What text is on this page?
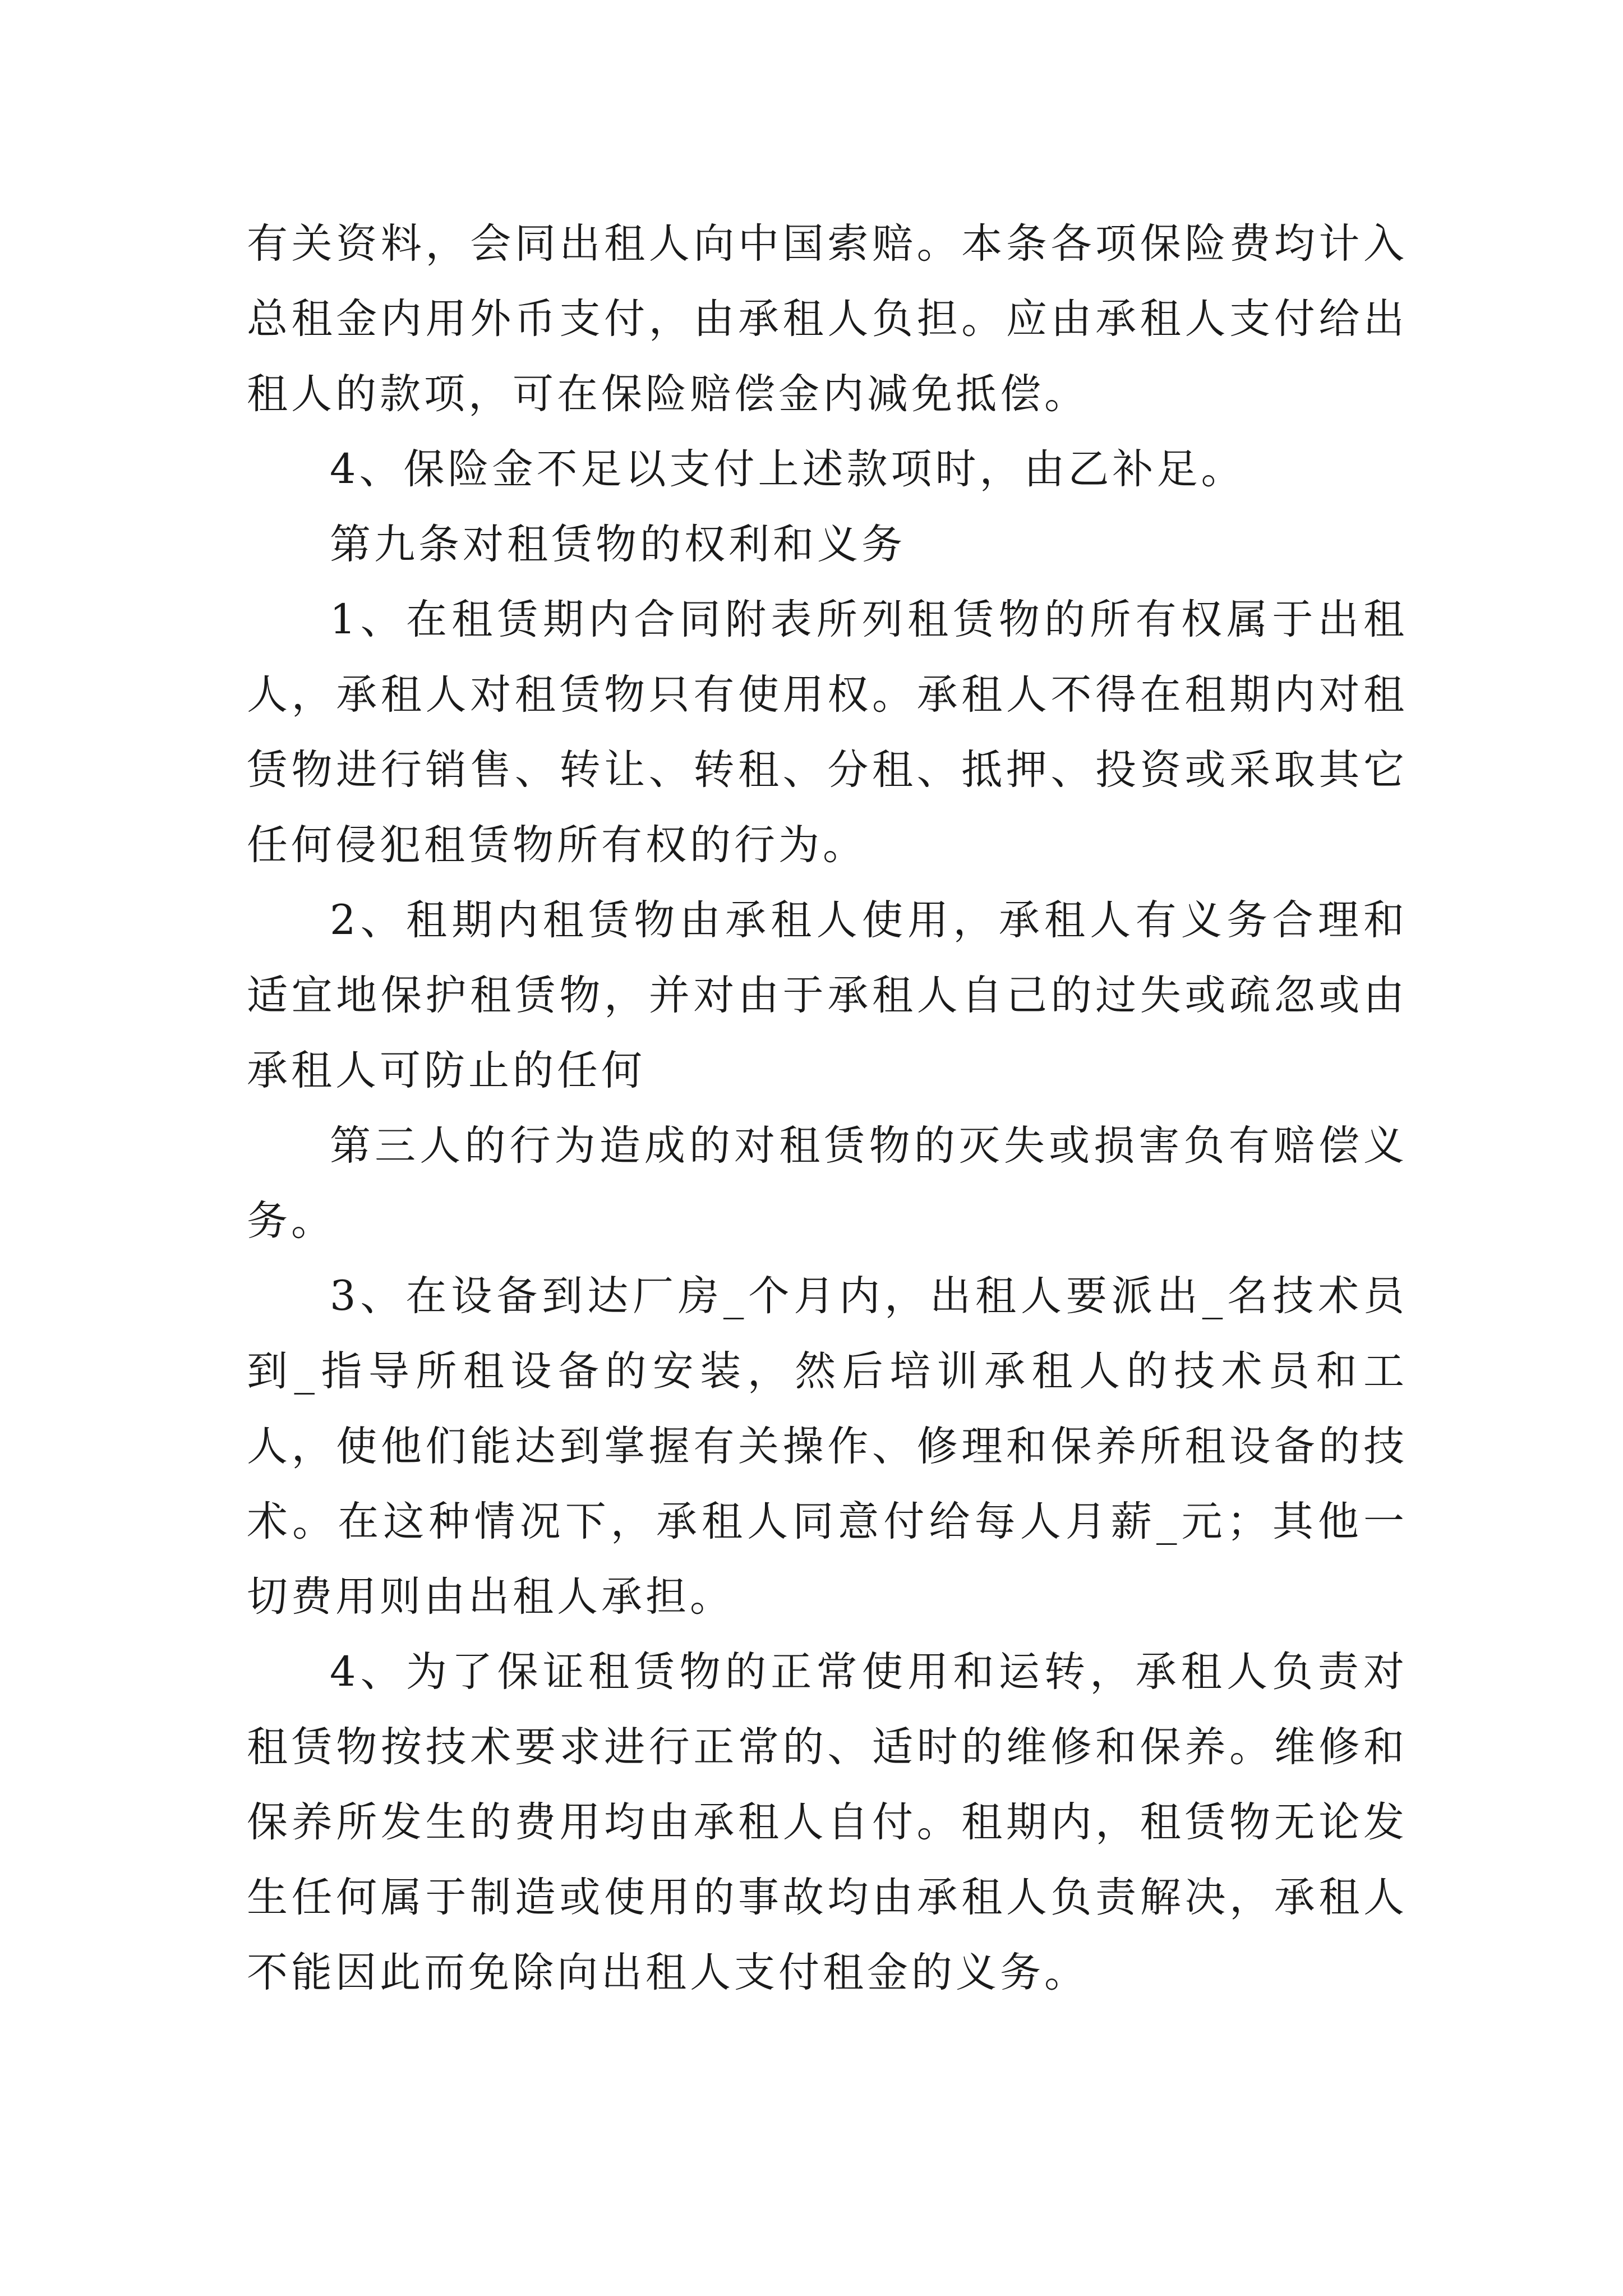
有关资料，会同出租人向中国索赔。本条各项保险费均计入总租金内用外币支付，由承租人负担。应由承租人支付给出租人的款项，可在保险赔偿金内减免抵偿。

4、保险金不足以支付上述款项时，由乙补足。

第九条对租赁物的权利和义务

1、在租赁期内合同附表所列租赁物的所有权属于出租人，承租人对租赁物只有使用权。承租人不得在租期内对租赁物进行销售、转让、转租、分租、抵押、投资或采取其它任何侵犯租赁物所有权的行为。

2、租期内租赁物由承租人使用，承租人有义务合理和适宜地保护租赁物，并对由于承租人自己的过失或疏忽或由承租人可防止的任何

第三人的行为造成的对租赁物的灭失或损害负有赔偿义务。

3、在设备到达厂房_个月内，出租人要派出_名技术员到_指导所租设备的安装，然后培训承租人的技术员和工人，使他们能达到掌握有关操作、修理和保养所租设备的技术。在这种情况下，承租人同意付给每人月薪_元；其他一切费用则由出租人承担。

4、为了保证租赁物的正常使用和运转，承租人负责对租赁物按技术要求进行正常的、适时的维修和保养。维修和保养所发生的费用均由承租人自付。租期内，租赁物无论发生任何属于制造或使用的事故均由承租人负责解决，承租人不能因此而免除向出租人支付租金的义务。
